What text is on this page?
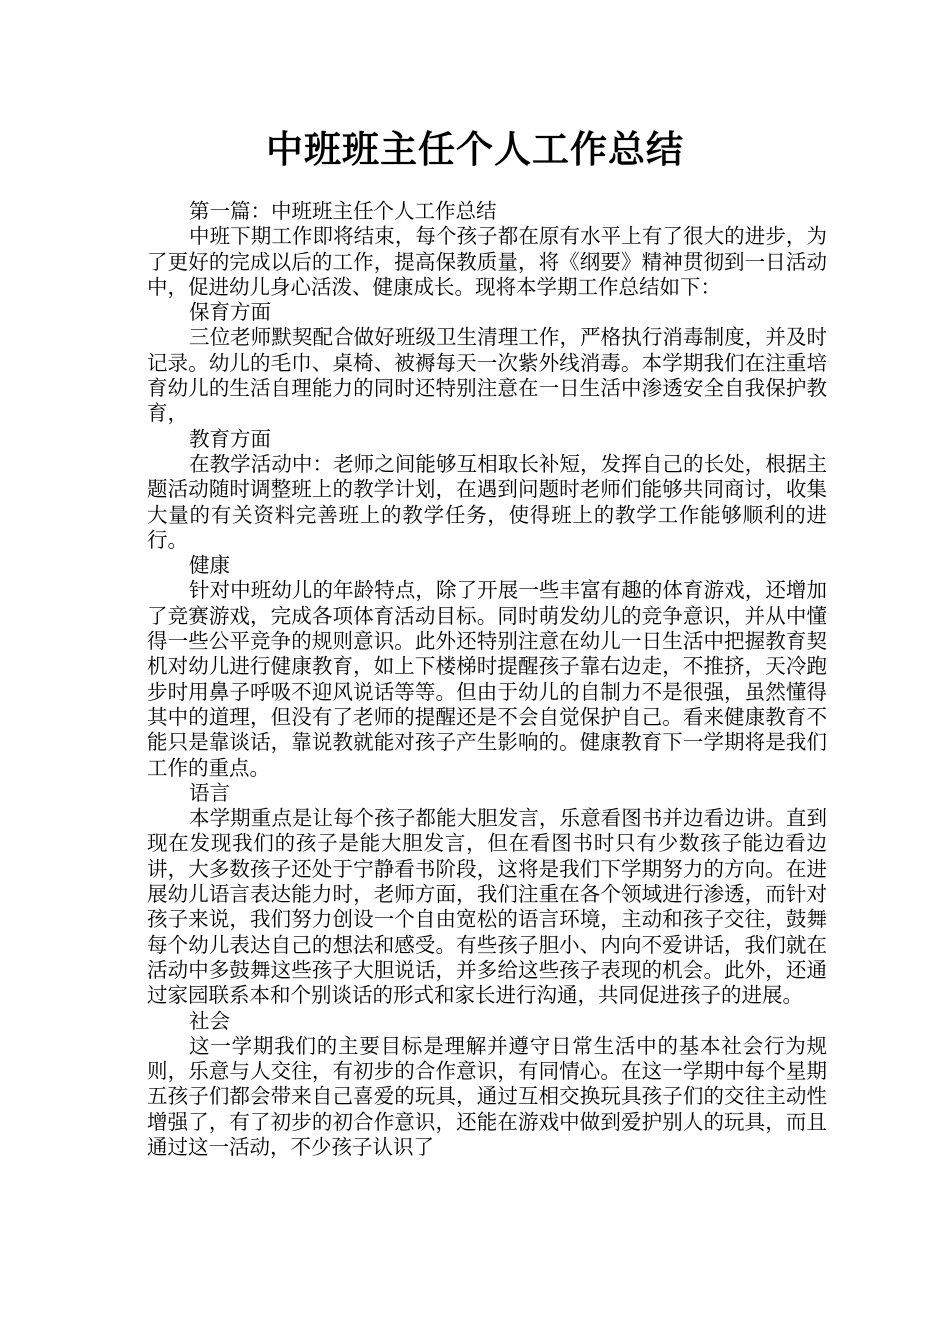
中班班主任个人工作总结

第一篇：中班班主任个人工作总结

中班下期工作即将结束，每个孩子都在原有水平上有了很大的进步，为了更好的完成以后的工作，提高保教质量，将《纲要》精神贯彻到一日活动中，促进幼儿身心活泼、健康成长。现将本学期工作总结如下：

保育方面

三位老师默契配合做好班级卫生清理工作，严格执行消毒制度，并及时记录。幼儿的毛巾、桌椅、被褥每天一次紫外线消毒。本学期我们在注重培育幼儿的生活自理能力的同时还特别注意在一日生活中渗透安全自我保护教育，

教育方面

在教学活动中：老师之间能够互相取长补短，发挥自己的长处，根据主题活动随时调整班上的教学计划，在遇到问题时老师们能够共同商讨，收集大量的有关资料完善班上的教学任务，使得班上的教学工作能够顺利的进行。

健康

针对中班幼儿的年龄特点，除了开展一些丰富有趣的体育游戏，还增加了竞赛游戏，完成各项体育活动目标。同时萌发幼儿的竞争意识，并从中懂得一些公平竞争的规则意识。此外还特别注意在幼儿一日生活中把握教育契机对幼儿进行健康教育，如上下楼梯时提醒孩子靠右边走，不推挤，天冷跑步时用鼻子呼吸不迎风说话等等。但由于幼儿的自制力不是很强，虽然懂得其中的道理，但没有了老师的提醒还是不会自觉保护自己。看来健康教育不能只是靠谈话，靠说教就能对孩子产生影响的。健康教育下一学期将是我们工作的重点。

语言

本学期重点是让每个孩子都能大胆发言，乐意看图书并边看边讲。直到现在发现我们的孩子是能大胆发言，但在看图书时只有少数孩子能边看边讲，大多数孩子还处于宁静看书阶段，这将是我们下学期努力的方向。在进展幼儿语言表达能力时，老师方面，我们注重在各个领域进行渗透，而针对孩子来说，我们努力创设一个自由宽松的语言环境，主动和孩子交往，鼓舞每个幼儿表达自己的想法和感受。有些孩子胆小、内向不爱讲话，我们就在活动中多鼓舞这些孩子大胆说话，并多给这些孩子表现的机会。此外，还通过家园联系本和个别谈话的形式和家长进行沟通，共同促进孩子的进展。

社会

这一学期我们的主要目标是理解并遵守日常生活中的基本社会行为规则，乐意与人交往，有初步的合作意识，有同情心。在这一学期中每个星期五孩子们都会带来自己喜爱的玩具，通过互相交换玩具孩子们的交往主动性增强了，有了初步的初合作意识，还能在游戏中做到爱护别人的玩具，而且通过这一活动，不少孩子认识了
